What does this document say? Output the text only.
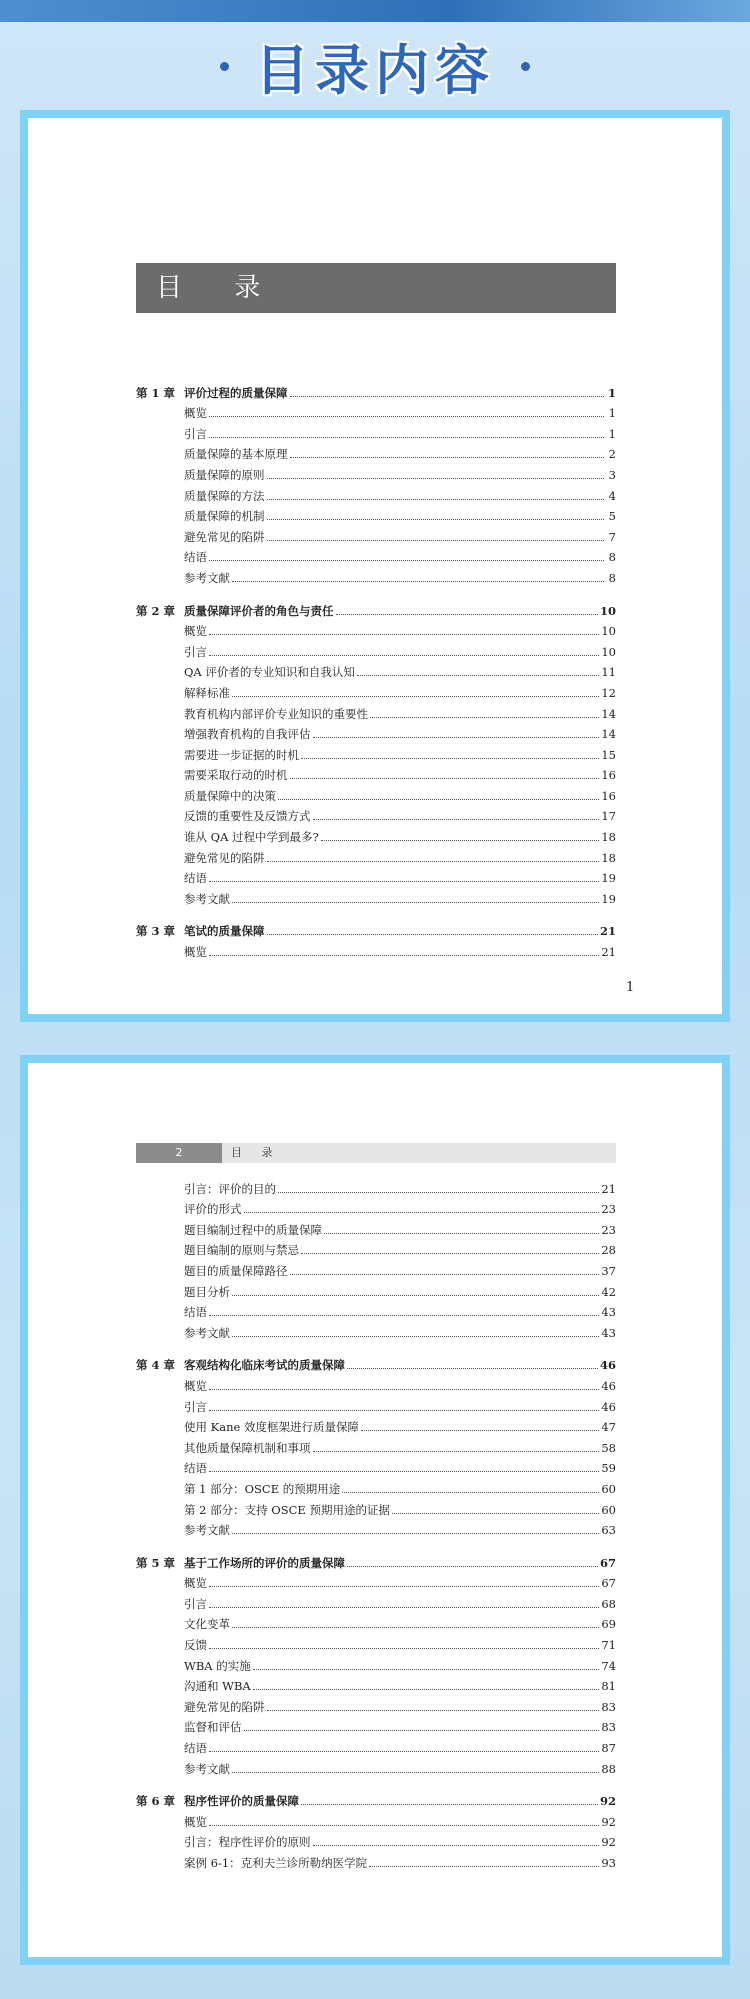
目录内容
目 录
第 1 章 评价过程的质量保障	1
概览	1
引言	1
质量保障的基本原理	2
质量保障的原则	3
质量保障的方法	4
质量保障的机制	5
避免常见的陷阱	7
结语	8
参考文献	8
第 2 章 质量保障评价者的角色与责任	10
概览	10
引言	10
QA 评价者的专业知识和自我认知	11
解释标准	12
教育机构内部评价专业知识的重要性	14
增强教育机构的自我评估	14
需要进一步证据的时机	15
需要采取行动的时机	16
质量保障中的决策	16
反馈的重要性及反馈方式	17
谁从 QA 过程中学到最多?	18
避免常见的陷阱	18
结语	19
参考文献	19
第 3 章 笔试的质量保障	21
概览	21
1
2	目 录
引言：评价的目的	21
评价的形式	23
题目编制过程中的质量保障	23
题目编制的原则与禁忌	28
题目的质量保障路径	37
题目分析	42
结语	43
参考文献	43
第 4 章 客观结构化临床考试的质量保障	46
概览	46
引言	46
使用 Kane 效度框架进行质量保障	47
其他质量保障机制和事项	58
结语	59
第 1 部分：OSCE 的预期用途	60
第 2 部分：支持 OSCE 预期用途的证据	60
参考文献	63
第 5 章 基于工作场所的评价的质量保障	67
概览	67
引言	68
文化变革	69
反馈	71
WBA 的实施	74
沟通和 WBA	81
避免常见的陷阱	83
监督和评估	83
结语	87
参考文献	88
第 6 章 程序性评价的质量保障	92
概览	92
引言：程序性评价的原则	92
案例 6-1：克利夫兰诊所勒纳医学院	93
